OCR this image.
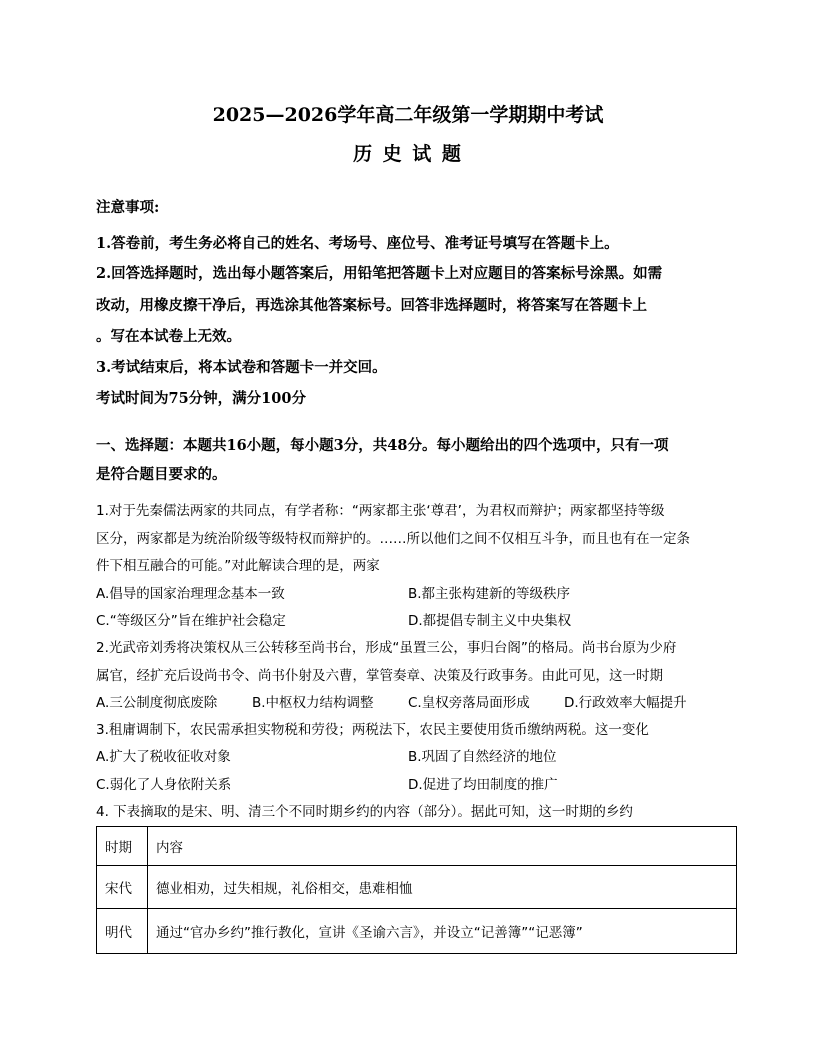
2025—2026学年高二年级第一学期期中考试
历 史 试 题
注意事项:
1.答卷前，考生务必将自己的姓名、考场号、座位号、准考证号填写在答题卡上。
2.回答选择题时，选出每小题答案后，用铅笔把答题卡上对应题目的答案标号涂黑。如需
改动，用橡皮擦干净后，再选涂其他答案标号。回答非选择题时，将答案写在答题卡上
。写在本试卷上无效。
3.考试结束后，将本试卷和答题卡一并交回。
考试时间为75分钟，满分100分
一、选择题：本题共16小题，每小题3分，共48分。每小题给出的四个选项中，只有一项
是符合题目要求的。
1.对于先秦儒法两家的共同点，有学者称：“两家都主张‘尊君’，为君权而辩护；两家都坚持等级
区分，两家都是为统治阶级等级特权而辩护的。……所以他们之间不仅相互斗争，而且也有在一定条
件下相互融合的可能。”对此解读合理的是，两家
A.倡导的国家治理理念基本一致	B.都主张构建新的等级秩序
C.“等级区分”旨在维护社会稳定	D.都提倡专制主义中央集权
2.光武帝刘秀将决策权从三公转移至尚书台，形成“虽置三公，事归台阁”的格局。尚书台原为少府
属官，经扩充后设尚书令、尚书仆射及六曹，掌管奏章、决策及行政事务。由此可见，这一时期
A.三公制度彻底废除	B.中枢权力结构调整	C.皇权旁落局面形成	D.行政效率大幅提升
3.租庸调制下，农民需承担实物税和劳役；两税法下，农民主要使用货币缴纳两税。这一变化
A.扩大了税收征收对象	B.巩固了自然经济的地位
C.弱化了人身依附关系	D.促进了均田制度的推广
4. 下表摘取的是宋、明、清三个不同时期乡约的内容（部分）。据此可知，这一时期的乡约
时期	内容
宋代	德业相劝，过失相规，礼俗相交，患难相恤
明代	通过“官办乡约”推行教化，宣讲《圣谕六言》，并设立“记善簿”“记恶簿”
